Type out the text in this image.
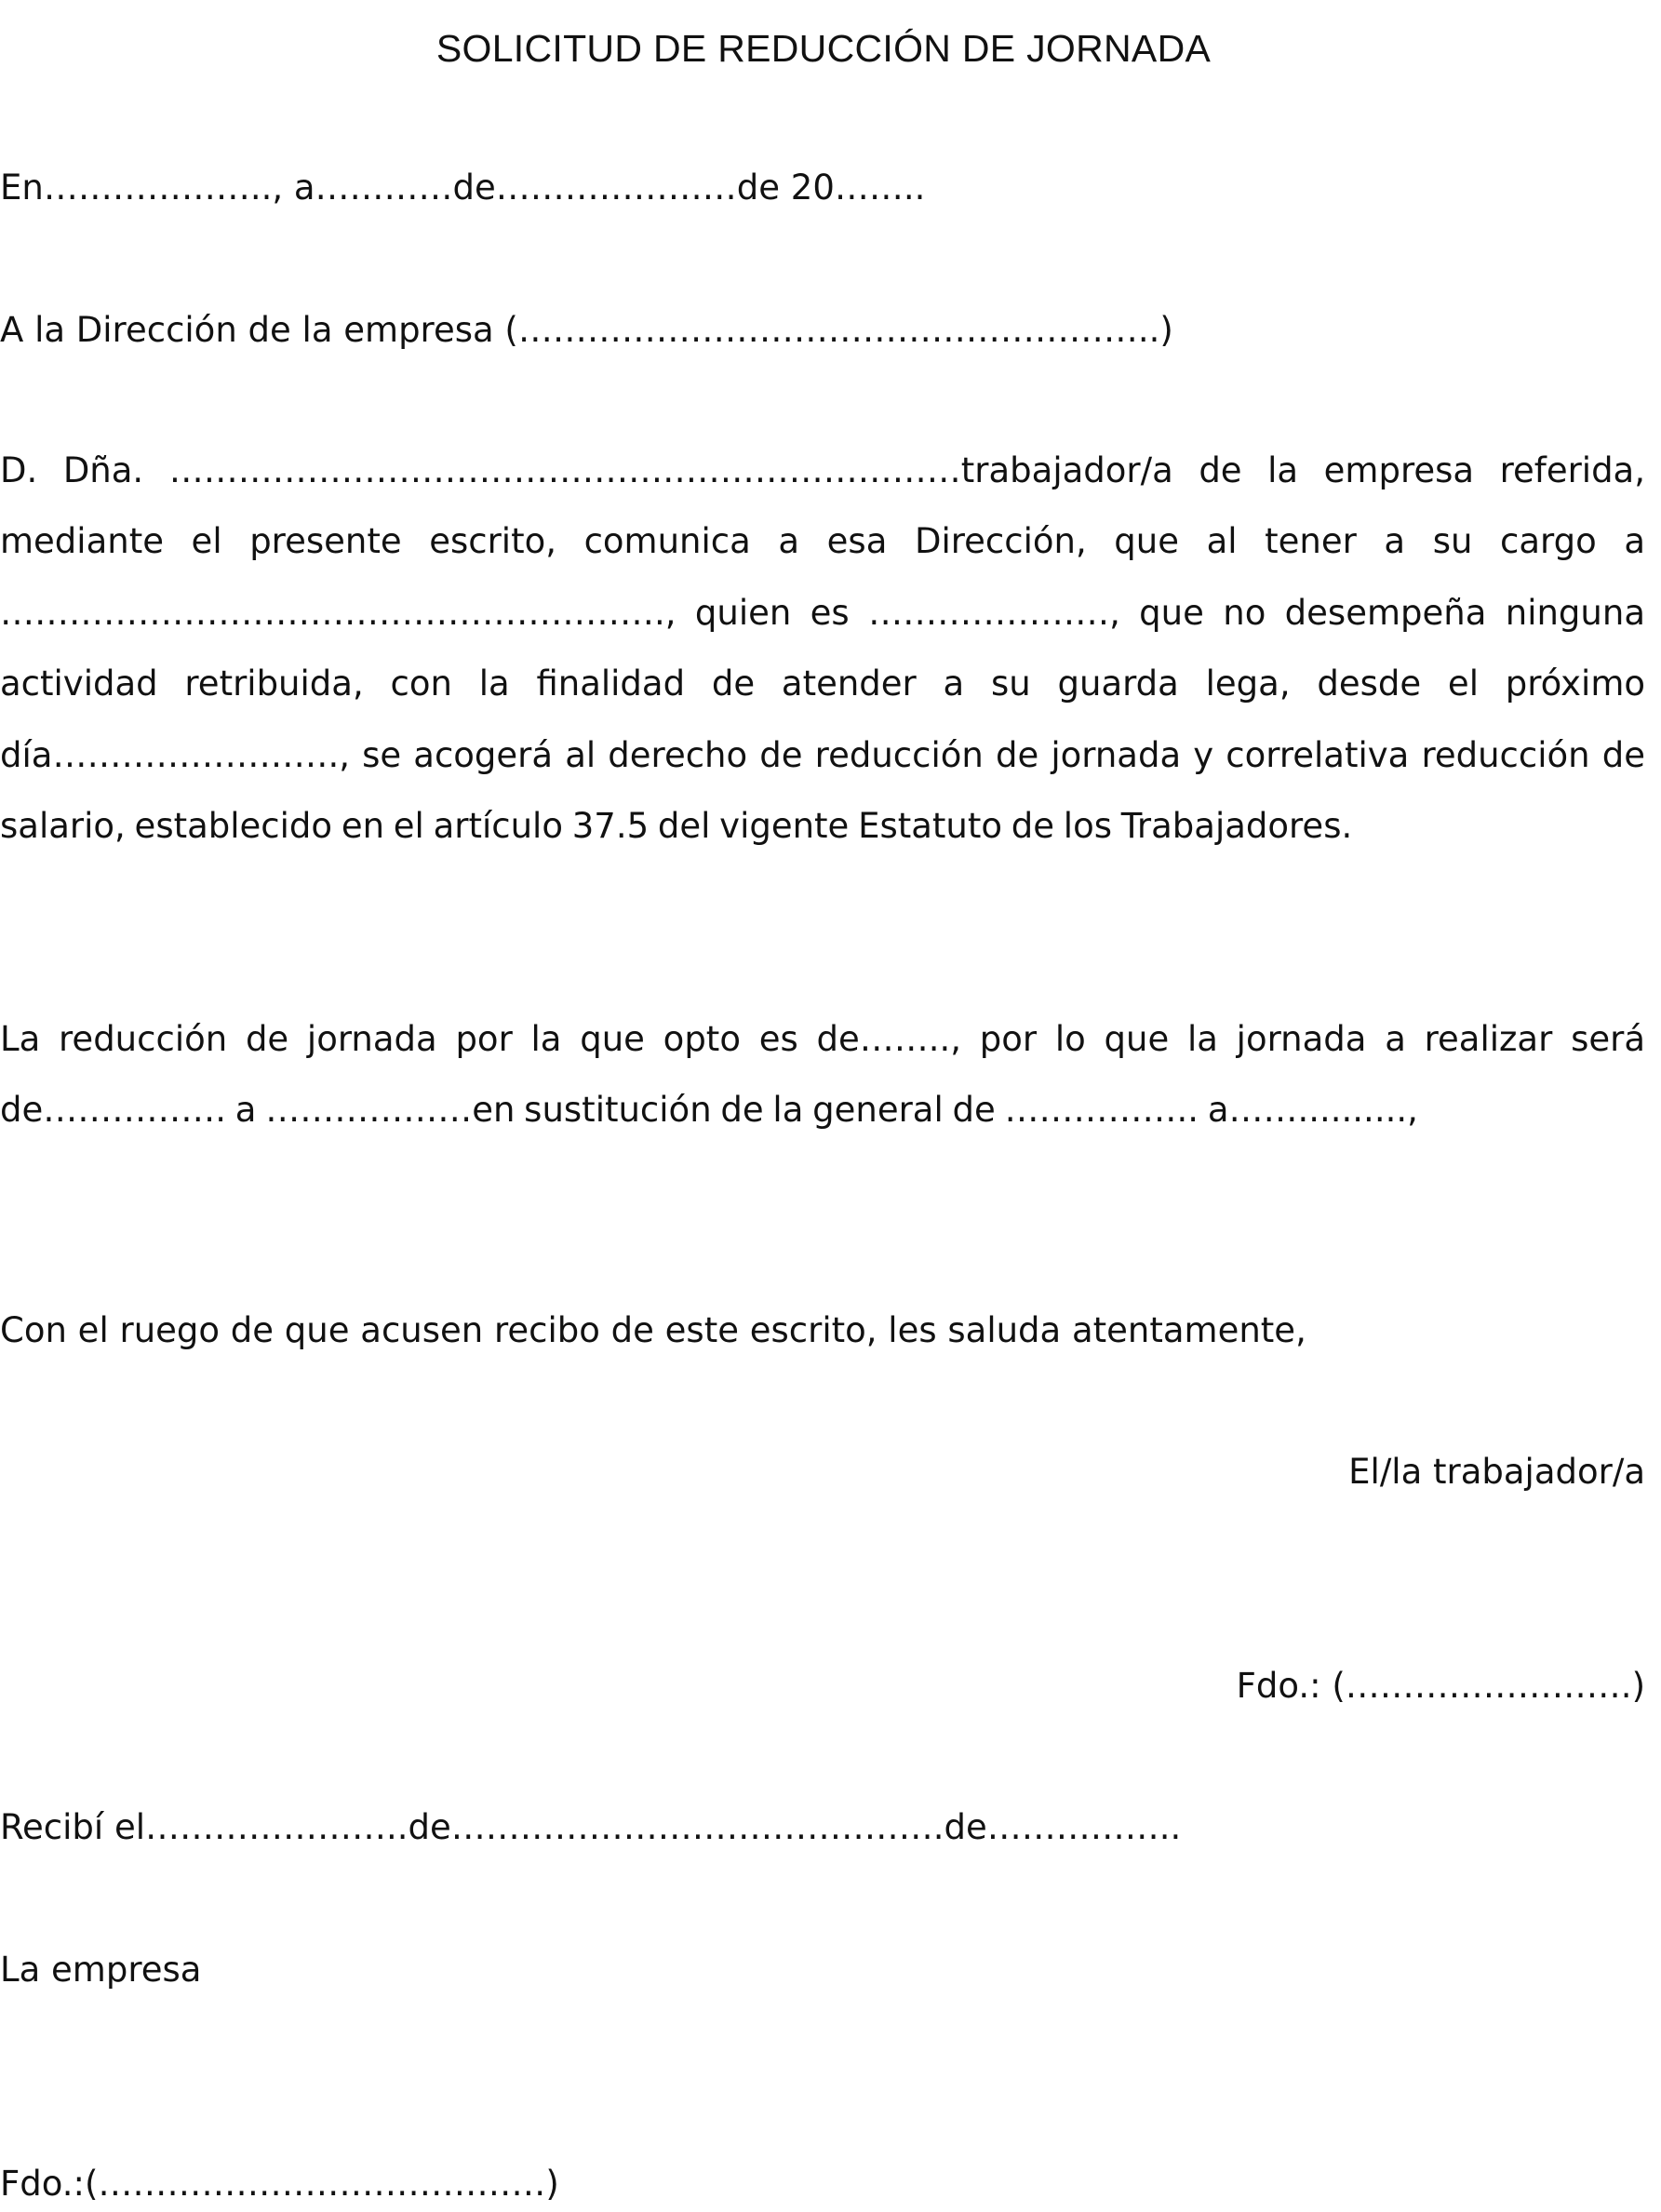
SOLICITUD DE REDUCCIÓN DE JORNADA
En……………….., a…………de…………………de 20……..
A la Dirección de la empresa (………………………………………………..)
D. Dña. ……………………………………………………………trabajador/a de la empresa referida, mediante el presente escrito, comunica a esa Dirección, que al tener a su cargo a …………………………………………………., quien es …………………, que no desempeña ninguna actividad retribuida, con la finalidad de atender a su guarda lega, desde el próximo día……………………., se acogerá al derecho de reducción de jornada y correlativa reducción de salario, establecido en el artículo 37.5 del vigente Estatuto de los Trabajadores.
La reducción de jornada por la que opto es de…….., por lo que la jornada a realizar será de……………. a ………………en sustitución de la general de …………….. a……..........,
Con el ruego de que acusen recibo de este escrito, les saluda atentamente,
El/la trabajador/a
Fdo.: (…………………….)
Recibí el…………………..de…………………………………….de……………..
La empresa
Fdo.:(…………………………………)
